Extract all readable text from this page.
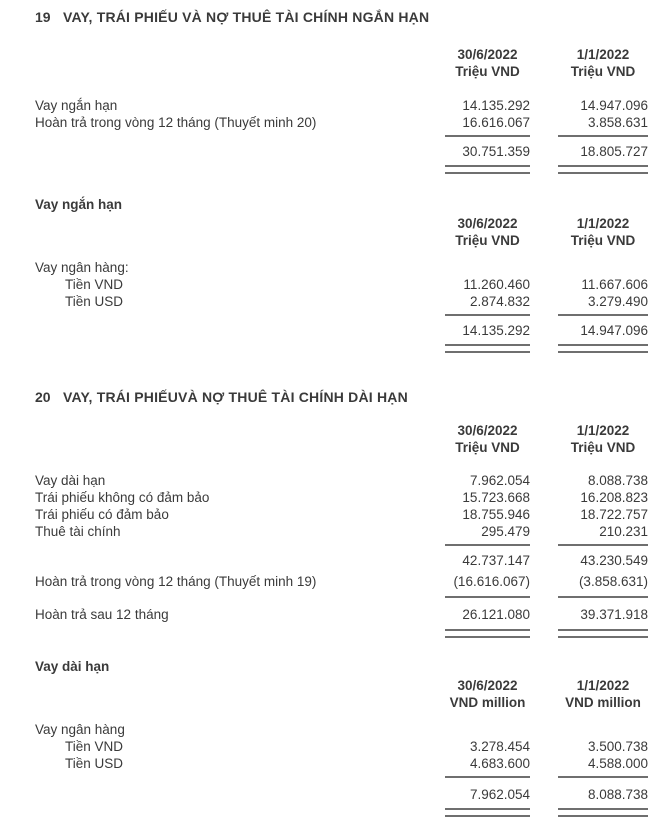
19 VAY, TRÁI PHIẾU VÀ NỢ THUÊ TÀI CHÍNH NGẮN HẠN
30/6/2022
Triệu VND
1/1/2022
Triệu VND
Vay ngắn hạn	14.135.292	14.947.096
Hoàn trả trong vòng 12 tháng (Thuyết minh 20)	16.616.067	3.858.631
30.751.359	18.805.727
Vay ngắn hạn
30/6/2022
Triệu VND
1/1/2022
Triệu VND
Vay ngân hàng:
Tiền VND	11.260.460	11.667.606
Tiền USD	2.874.832	3.279.490
14.135.292	14.947.096
20 VAY, TRÁI PHIẾUVÀ NỢ THUÊ TÀI CHÍNH DÀI HẠN
30/6/2022
Triệu VND
1/1/2022
Triệu VND
Vay dài hạn	7.962.054	8.088.738
Trái phiếu không có đảm bảo	15.723.668	16.208.823
Trái phiếu có đảm bảo	18.755.946	18.722.757
Thuê tài chính	295.479	210.231
42.737.147	43.230.549
Hoàn trả trong vòng 12 tháng (Thuyết minh 19)	(16.616.067)	(3.858.631)
Hoàn trả sau 12 tháng	26.121.080	39.371.918
Vay dài hạn
30/6/2022
VND million
1/1/2022
VND million
Vay ngân hàng
Tiền VND	3.278.454	3.500.738
Tiền USD	4.683.600	4.588.000
7.962.054	8.088.738
